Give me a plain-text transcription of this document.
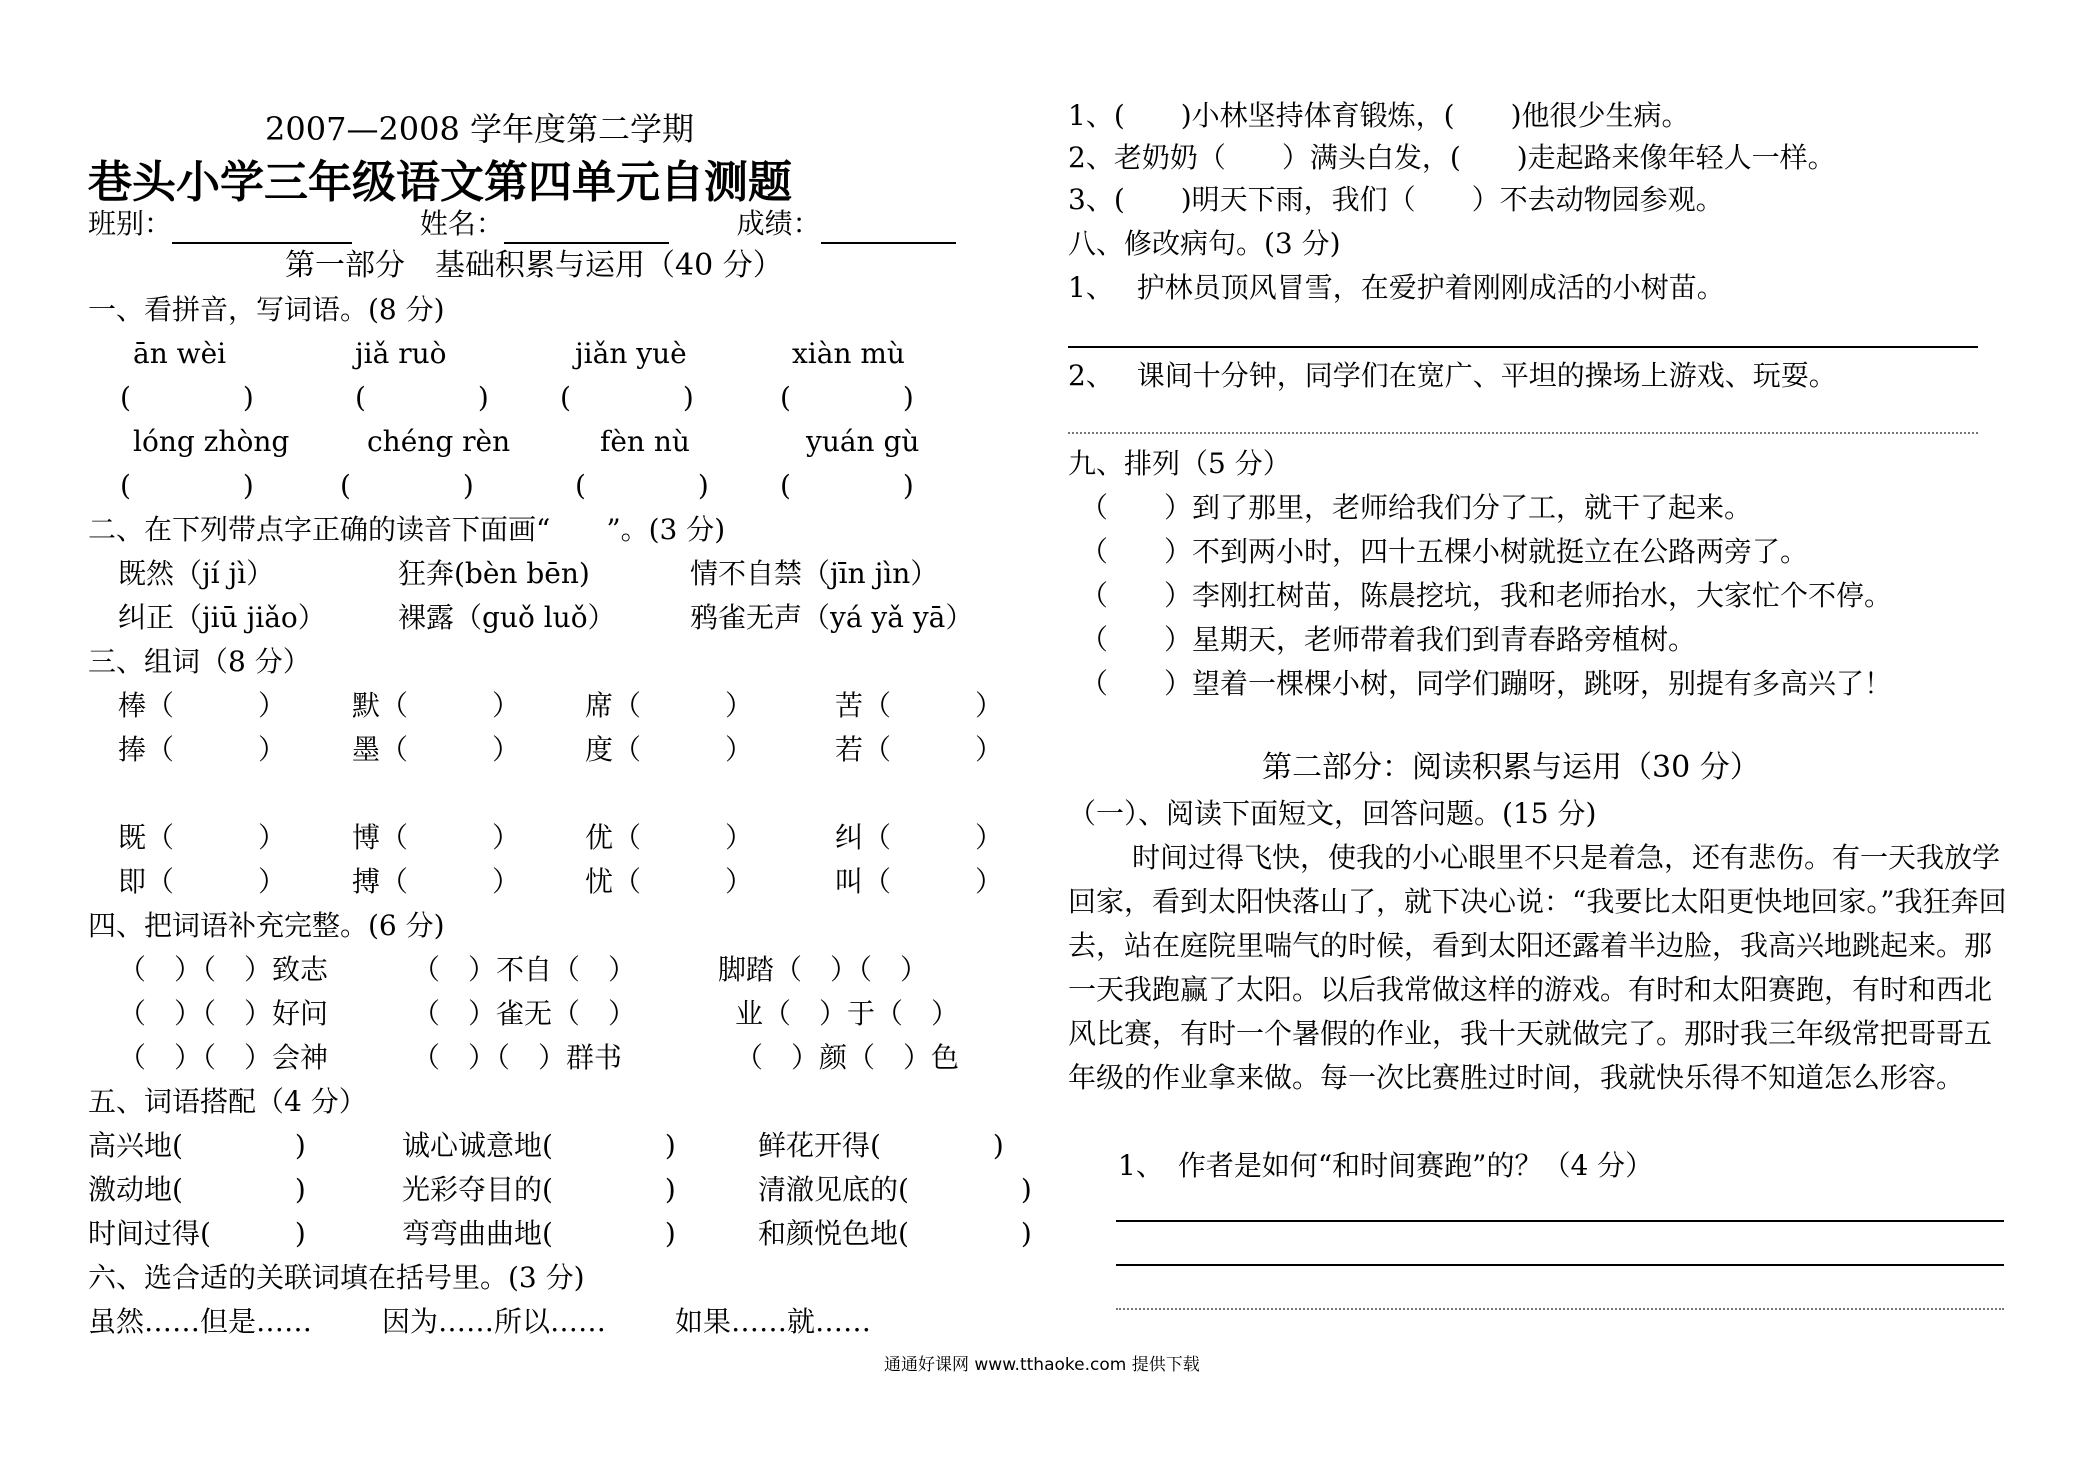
2007—2008 学年度第二学期
巷头小学三年级语文第四单元自测题
班别：	姓名：	成绩：
第一部分　基础积累与运用（40 分）
一、看拼音，写词语。(8 分)
ān wèi	jiǎ ruò	jiǎn yuè	xiàn mù
(　　　　)	(　　　　)	(　　　　)	(　　　　)
lóng zhòng	chéng rèn	fèn nù	yuán gù
(　　　　)	(　　　　)	(　　　　)	(　　　　)
二、在下列带点字正确的读音下面画“　　”。(3 分)
既然（jí jì）	狂奔(bèn bēn)	情不自禁（jīn jìn）
纠正（jiū jiǎo）	裸露（guǒ luǒ）	鸦雀无声（yá yǎ yā）
三、组词（8 分）
棒（　　　） 默（　　　） 席（　　　）	苦（　　　）
捧（　　　） 墨（　　　） 度（　　　）	若（　　　）
既（　　　） 博（　　　） 优（　　　）	纠（　　　）
即（　　　） 搏（　　　） 忧（　　　）	叫（　　　）
四、把词语补充完整。(6 分)
（　）（　）致志	（　）不自（　）	脚踏（　）（　）
（　）（　）好问	（　）雀无（　）	业（　）于（　）
（　）（　）会神	（　）（　）群书	（　）颜（　）色
五、词语搭配（4 分）
高兴地(　　　　)	诚心诚意地(　　　　)	鲜花开得(　　　　)
激动地(　　　　)	光彩夺目的(　　　　)	清澈见底的(　　　　)
时间过得(　　　)	弯弯曲曲地(　　　　)	和颜悦色地(　　　　)
六、选合适的关联词填在括号里。(3 分)
虽然……但是…… 因为……所以…… 如果……就……
1、(　　)小林坚持体育锻炼，(　　)他很少生病。
2、老奶奶（　　）满头白发，(　　)走起路来像年轻人一样。
3、(　　)明天下雨，我们（　　）不去动物园参观。
八、修改病句。(3 分)
1、　 护林员顶风冒雪，在爱护着刚刚成活的小树苗。
2、　 课间十分钟，同学们在宽广、平坦的操场上游戏、玩耍。
九、排列（5 分）
（　　）到了那里，老师给我们分了工，就干了起来。
（　　）不到两小时，四十五棵小树就挺立在公路两旁了。
（　　）李刚扛树苗，陈晨挖坑，我和老师抬水，大家忙个不停。
（　　）星期天，老师带着我们到青春路旁植树。
（　　）望着一棵棵小树，同学们蹦呀，跳呀，别提有多高兴了！
第二部分：阅读积累与运用（30 分）
（一）、阅读下面短文，回答问题。(15 分)
时间过得飞快，使我的小心眼里不只是着急，还有悲伤。有一天我放学回家，看到太阳快落山了，就下决心说：“我要比太阳更快地回家。”我狂奔回去，站在庭院里喘气的时候，看到太阳还露着半边脸，我高兴地跳起来。那一天我跑赢了太阳。以后我常做这样的游戏。有时和太阳赛跑，有时和西北风比赛，有时一个暑假的作业，我十天就做完了。那时我三年级常把哥哥五年级的作业拿来做。每一次比赛胜过时间，我就快乐得不知道怎么形容。
1、　作者是如何“和时间赛跑”的？（4 分）
通通好课网 www.tthaoke.com 提供下载
